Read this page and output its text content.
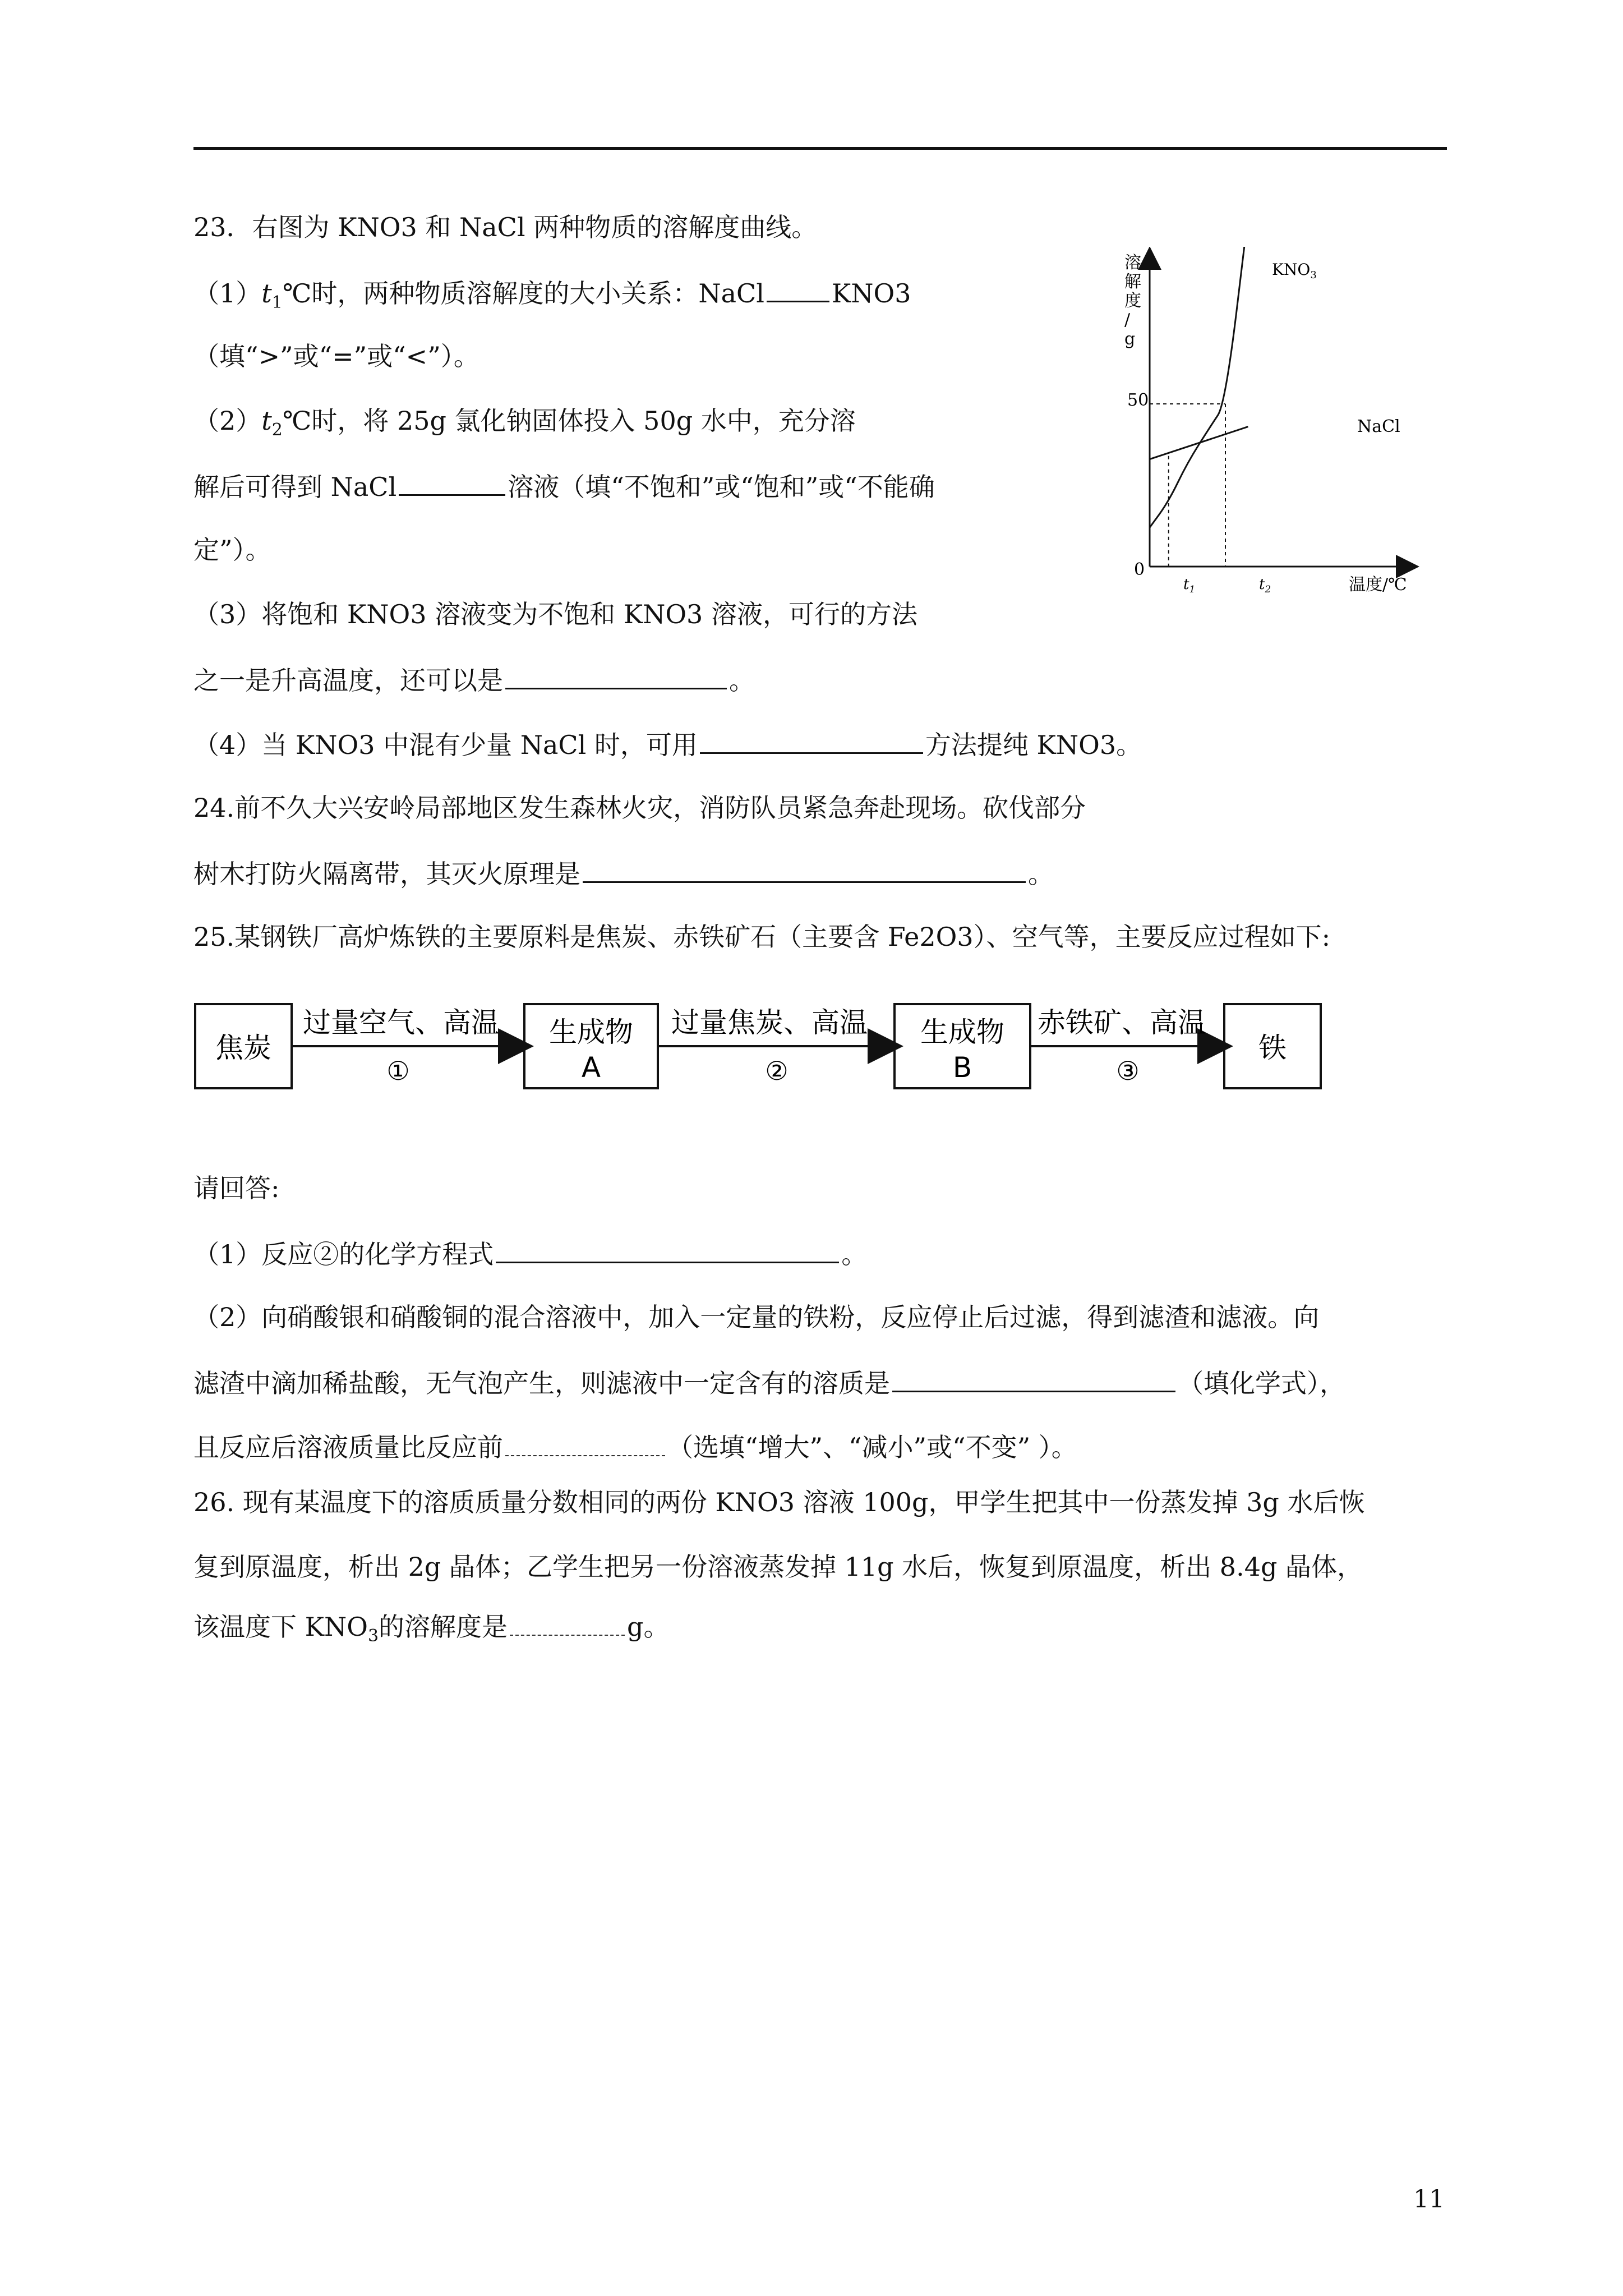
23．右图为 KNO3 和 NaCl 两种物质的溶解度曲线。
$(1)t_1℃$时，两种物质溶解度的大小关系：NaCl	KNO3
（填“>”或“=”或“<”）。
$(2)t_2℃$时，将 25g 氯化钠固体投入 50g 水中，充分溶
解后可得到 NaCl	溶液（填“不饱和”或“饱和”或“不能确
定”）。
（3）将饱和 KNO3 溶液变为不饱和 KNO3 溶液，可行的方法
之一是升高温度，还可以是	。
（4）当 KNO3 中混有少量 NaCl 时，可用	方法提纯 KNO3。
溶
解
度
/
g
50
0
$t_1$	$t_2$	温度/℃
$KNO_3$
NaCl
24.前不久大兴安岭局部地区发生森林火灾，消防队员紧急奔赴现场。砍伐部分
树木打防火隔离带，其灭火原理是	。
25.某钢铁厂高炉炼铁的主要原料是焦炭、赤铁矿石（主要含 Fe2O3）、空气等，主要反应过程如下:
焦炭
过量空气、高温
①
生成物
A
过量焦炭、高温
②
生成物
B
赤铁矿、高温
③
铁
请回答:
（1）反应②的化学方程式	。
（2）向硝酸银和硝酸铜的混合溶液中，加入一定量的铁粉，反应停止后过滤，得到滤渣和滤液。向
滤渣中滴加稀盐酸，无气泡产生，则滤液中一定含有的溶质是	（填化学式），
且反应后溶液质量比反应前	（选填“增大”、“减小”或“不变” ）。
26. 现有某温度下的溶质质量分数相同的两份 KNO3 溶液 100g，甲学生把其中一份蒸发掉 3g 水后恢
复到原温度，析出 2g 晶体；乙学生把另一份溶液蒸发掉 11g 水后，恢复到原温度，析出 8.4g 晶体，
该温度下 $KNO_3$的溶解度是	g。
11
